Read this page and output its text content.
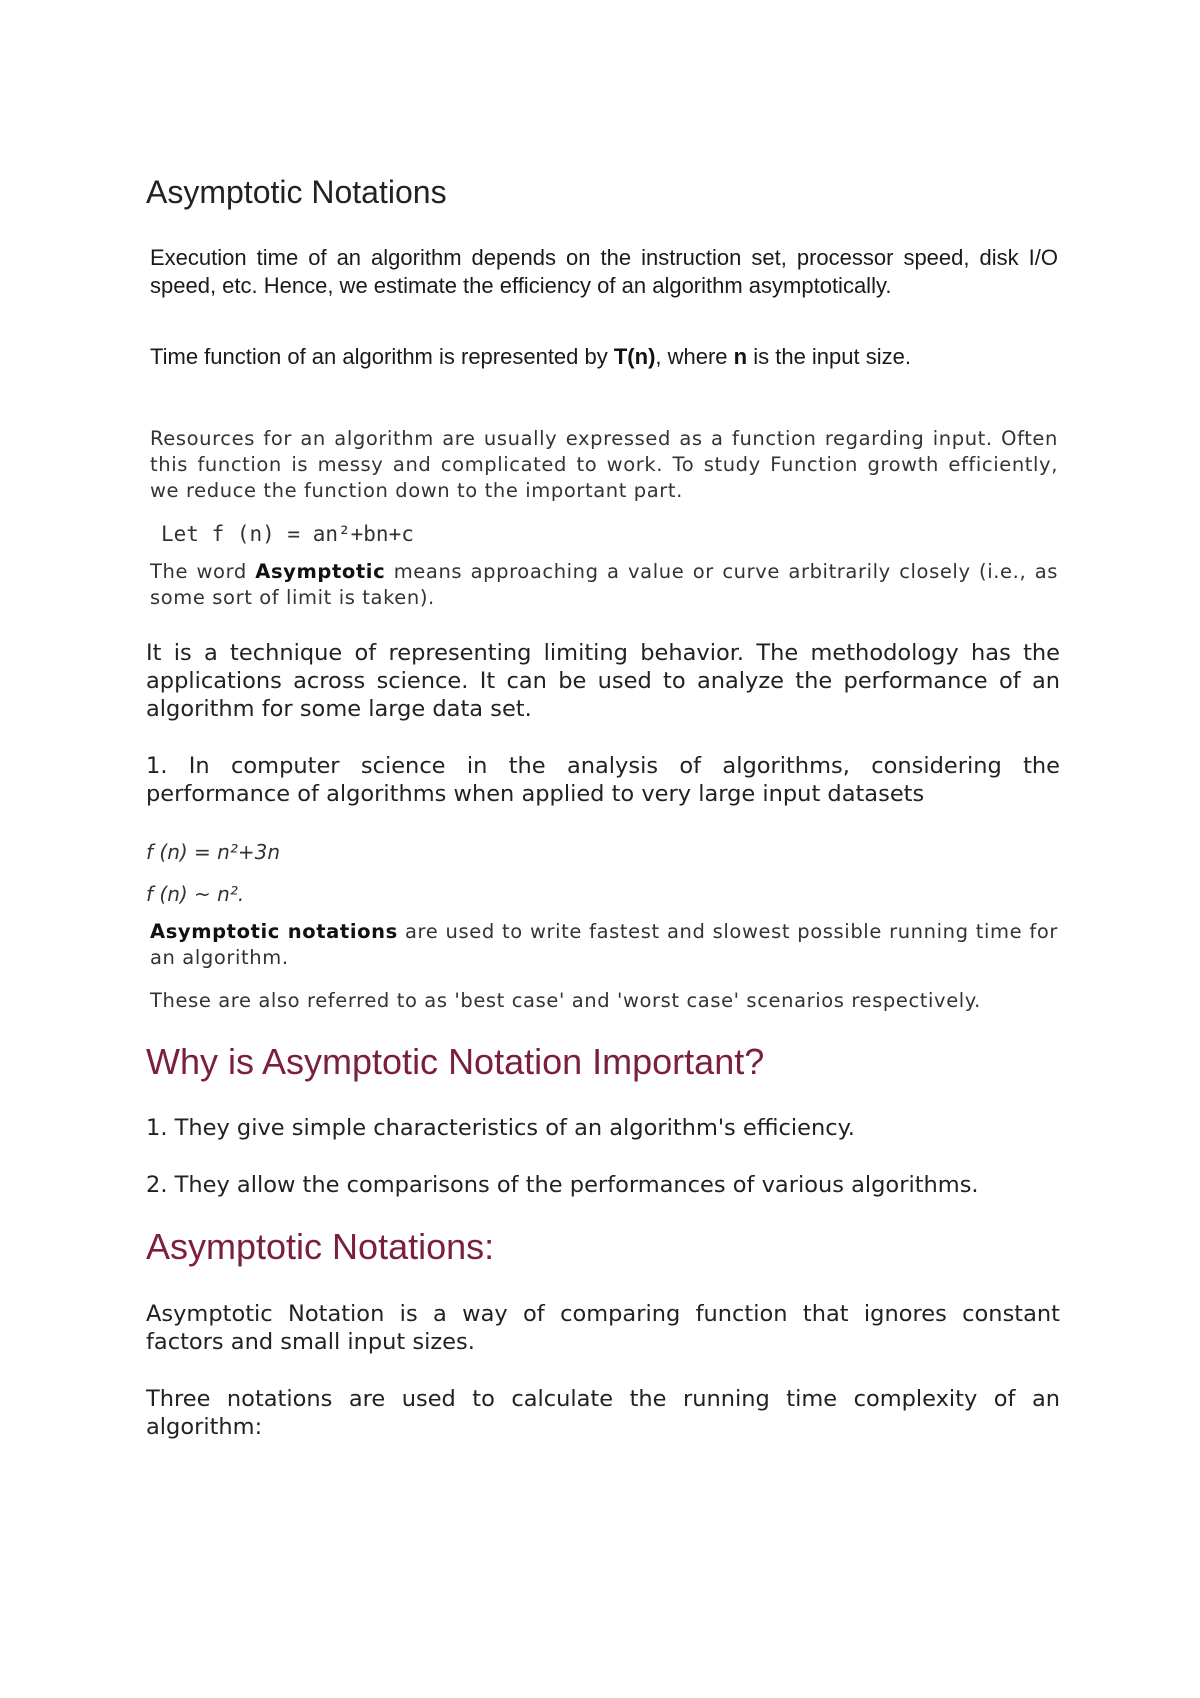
Asymptotic Notations

Execution time of an algorithm depends on the instruction set, processor speed, disk I/O speed, etc. Hence, we estimate the efficiency of an algorithm asymptotically.

Time function of an algorithm is represented by T(n), where n is the input size.

Resources for an algorithm are usually expressed as a function regarding input. Often this function is messy and complicated to work. To study Function growth efficiently, we reduce the function down to the important part.

Let f (n) = an²+bn+c

The word Asymptotic means approaching a value or curve arbitrarily closely (i.e., as some sort of limit is taken).

It is a technique of representing limiting behavior. The methodology has the applications across science. It can be used to analyze the performance of an algorithm for some large data set.

1. In computer science in the analysis of algorithms, considering the performance of algorithms when applied to very large input datasets

f (n) = n²+3n

f (n) ~ n².

Asymptotic notations are used to write fastest and slowest possible running time for an algorithm.

These are also referred to as 'best case' and 'worst case' scenarios respectively.

Why is Asymptotic Notation Important?

1. They give simple characteristics of an algorithm's efficiency.

2. They allow the comparisons of the performances of various algorithms.

Asymptotic Notations:

Asymptotic Notation is a way of comparing function that ignores constant factors and small input sizes.

Three notations are used to calculate the running time complexity of an algorithm:
